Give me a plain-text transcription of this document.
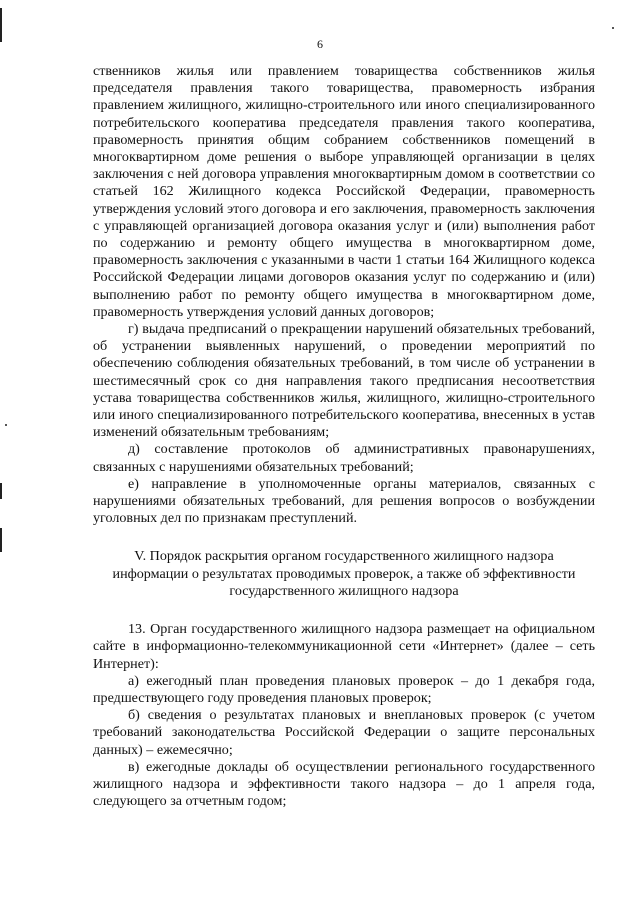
6

ственников жилья или правлением товарищества собственников жилья председателя правления такого товарищества, правомерность избрания правлением жилищного, жилищно-строительного или иного специализированного потребительского кооператива председателя правления такого кооператива, правомерность принятия общим собранием собственников помещений в многоквартирном доме решения о выборе управляющей организации в целях заключения с ней договора управления многоквартирным домом в соответствии со статьей 162 Жилищного кодекса Российской Федерации, правомерность утверждения условий этого договора и его заключения, правомерность заключения с управляющей организацией договора оказания услуг и (или) выполнения работ по содержанию и ремонту общего имущества в многоквартирном доме, правомерность заключения с указанными в части 1 статьи 164 Жилищного кодекса Российской Федерации лицами договоров оказания услуг по содержанию и (или) выполнению работ по ремонту общего имущества в многоквартирном доме, правомерность утверждения условий данных договоров;

г) выдача предписаний о прекращении нарушений обязательных требований, об устранении выявленных нарушений, о проведении мероприятий по обеспечению соблюдения обязательных требований, в том числе об устранении в шестимесячный срок со дня направления такого предписания несоответствия устава товарищества собственников жилья, жилищного, жилищно-строительного или иного специализированного потребительского кооператива, внесенных в устав изменений обязательным требованиям;

д) составление протоколов об административных правонарушениях, связанных с нарушениями обязательных требований;

е) направление в уполномоченные органы материалов, связанных с нарушениями обязательных требований, для решения вопросов о возбуждении уголовных дел по признакам преступлений.

V. Порядок раскрытия органом государственного жилищного надзора информации о результатах проводимых проверок, а также об эффективности государственного жилищного надзора

13. Орган государственного жилищного надзора размещает на официальном сайте в информационно-телекоммуникационной сети «Интернет» (далее – сеть Интернет):

а) ежегодный план проведения плановых проверок – до 1 декабря года, предшествующего году проведения плановых проверок;

б) сведения о результатах плановых и внеплановых проверок (с учетом требований законодательства Российской Федерации о защите персональных данных) – ежемесячно;

в) ежегодные доклады об осуществлении регионального государственного жилищного надзора и эффективности такого надзора – до 1 апреля года, следующего за отчетным годом;
